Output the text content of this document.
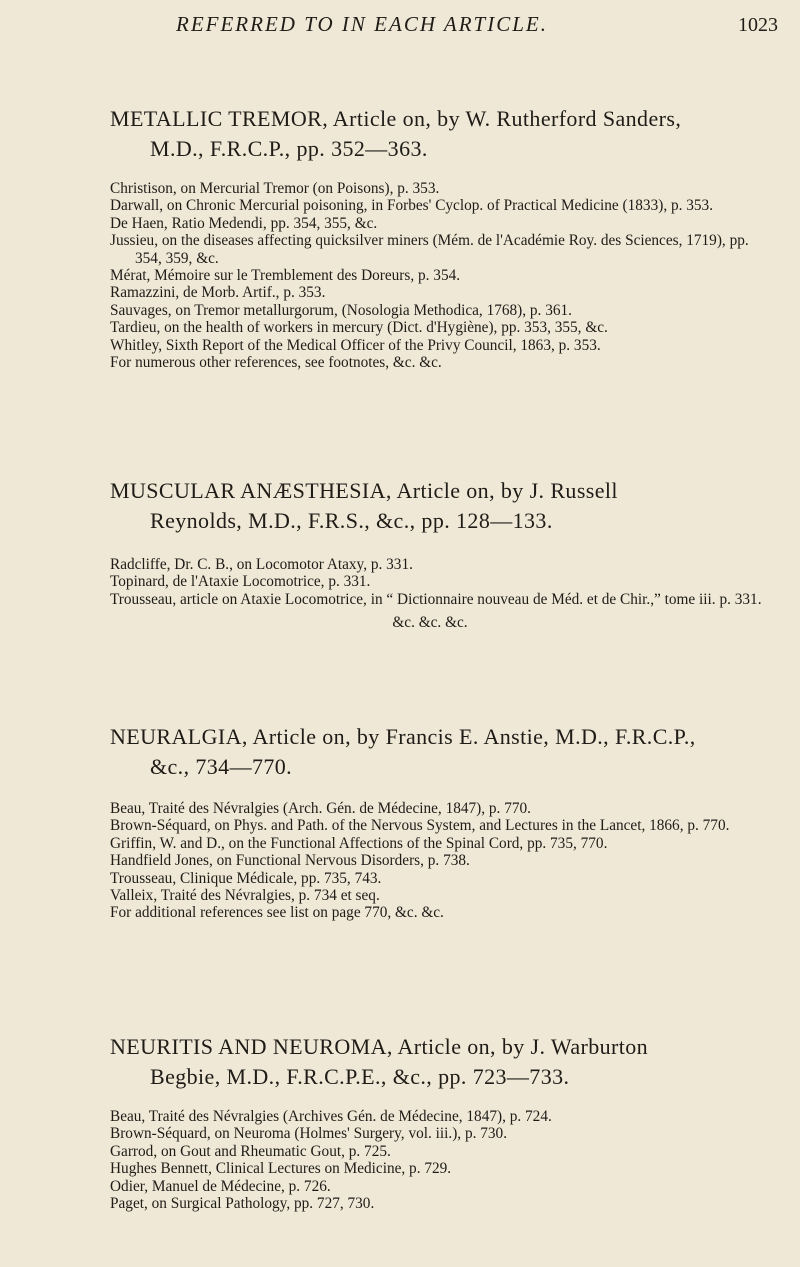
REFERRED TO IN EACH ARTICLE.	1023
METALLIC TREMOR, Article on, by W. Rutherford Sanders,
M.D., F.R.C.P., pp. 352—363.
Christison, on Mercurial Tremor (on Poisons), p. 353.
Darwall, on Chronic Mercurial poisoning, in Forbes' Cyclop. of Practical Medicine (1833), p. 353.
De Haen, Ratio Medendi, pp. 354, 355, &c.
Jussieu, on the diseases affecting quicksilver miners (Mém. de l'Académie Roy. des Sciences, 1719), pp. 354, 359, &c.
Mérat, Mémoire sur le Tremblement des Doreurs, p. 354.
Ramazzini, de Morb. Artif., p. 353.
Sauvages, on Tremor metallurgorum, (Nosologia Methodica, 1768), p. 361.
Tardieu, on the health of workers in mercury (Dict. d'Hygiène), pp. 353, 355, &c.
Whitley, Sixth Report of the Medical Officer of the Privy Council, 1863, p. 353.
For numerous other references, see footnotes, &c. &c.
MUSCULAR ANÆSTHESIA, Article on, by J. Russell
Reynolds, M.D., F.R.S., &c., pp. 128—133.
Radcliffe, Dr. C. B., on Locomotor Ataxy, p. 331.
Topinard, de l'Ataxie Locomotrice, p. 331.
Trousseau, article on Ataxie Locomotrice, in “ Dictionnaire nouveau de Méd. et de Chir.,” tome iii. p. 331.
&c. &c. &c.
NEURALGIA, Article on, by Francis E. Anstie, M.D., F.R.C.P.,
&c., 734—770.
Beau, Traité des Névralgies (Arch. Gén. de Médecine, 1847), p. 770.
Brown-Séquard, on Phys. and Path. of the Nervous System, and Lectures in the Lancet, 1866, p. 770.
Griffin, W. and D., on the Functional Affections of the Spinal Cord, pp. 735, 770.
Handfield Jones, on Functional Nervous Disorders, p. 738.
Trousseau, Clinique Médicale, pp. 735, 743.
Valleix, Traité des Névralgies, p. 734 et seq.
For additional references see list on page 770, &c. &c.
NEURITIS AND NEUROMA, Article on, by J. Warburton
Begbie, M.D., F.R.C.P.E., &c., pp. 723—733.
Beau, Traité des Névralgies (Archives Gén. de Médecine, 1847), p. 724.
Brown-Séquard, on Neuroma (Holmes' Surgery, vol. iii.), p. 730.
Garrod, on Gout and Rheumatic Gout, p. 725.
Hughes Bennett, Clinical Lectures on Medicine, p. 729.
Odier, Manuel de Médecine, p. 726.
Paget, on Surgical Pathology, pp. 727, 730.
